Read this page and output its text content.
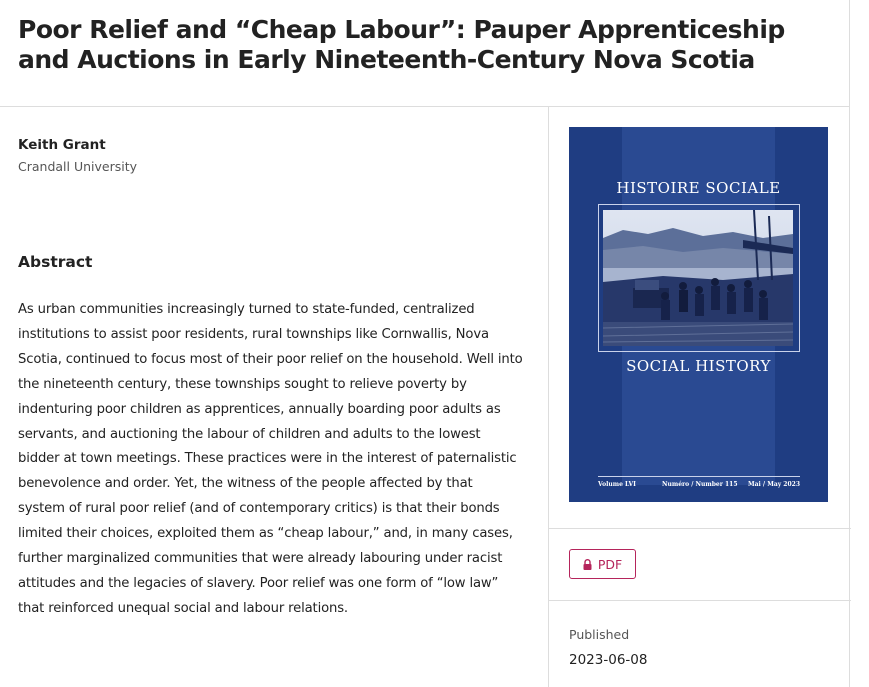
Poor Relief and “Cheap Labour”: Pauper Apprenticeship and Auctions in Early Nineteenth-Century Nova Scotia
Keith Grant
Crandall University
Abstract

As urban communities increasingly turned to state-funded, centralized institutions to assist poor residents, rural townships like Cornwallis, Nova Scotia, continued to focus most of their poor relief on the household. Well into the nineteenth century, these townships sought to relieve poverty by indenturing poor children as apprentices, annually boarding poor adults as servants, and auctioning the labour of children and adults to the lowest bidder at town meetings. These practices were in the interest of paternalistic benevolence and order. Yet, the witness of the people affected by that system of rural poor relief (and of contemporary critics) is that their bonds limited their choices, exploited them as “cheap labour,” and, in many cases, further marginalized communities that were already labouring under racist attitudes and the legacies of slavery. Poor relief was one form of “low law” that reinforced unequal social and labour relations.

HISTOIRE SOCIALE
SOCIAL HISTORY
Volume LVI	Numéro / Number 115 Mai / May 2023
PDF
Published
2023-06-08
